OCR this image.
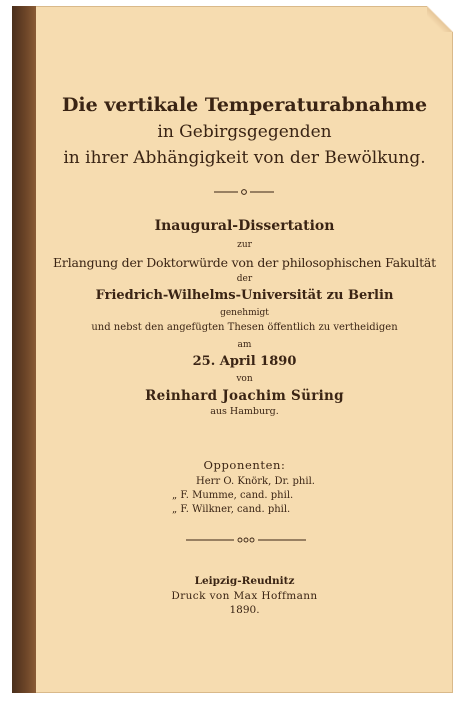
Die vertikale Temperaturabnahme
in Gebirgsgegenden
in ihrer Abhängigkeit von der Bewölkung.
Inaugural-Dissertation
zur
Erlangung der Doktorwürde von der philosophischen Fakultät
der
Friedrich-Wilhelms-Universität zu Berlin
genehmigt
und nebst den angefügten Thesen öffentlich zu vertheidigen
am
25. April 1890
von
Reinhard Joachim Süring
aus Hamburg.
Opponenten:
Herr O. Knörk, Dr. phil.
„ F. Mumme, cand. phil.
„ F. Wilkner, cand. phil.
Leipzig-Reudnitz
Druck von Max Hoffmann
1890.
